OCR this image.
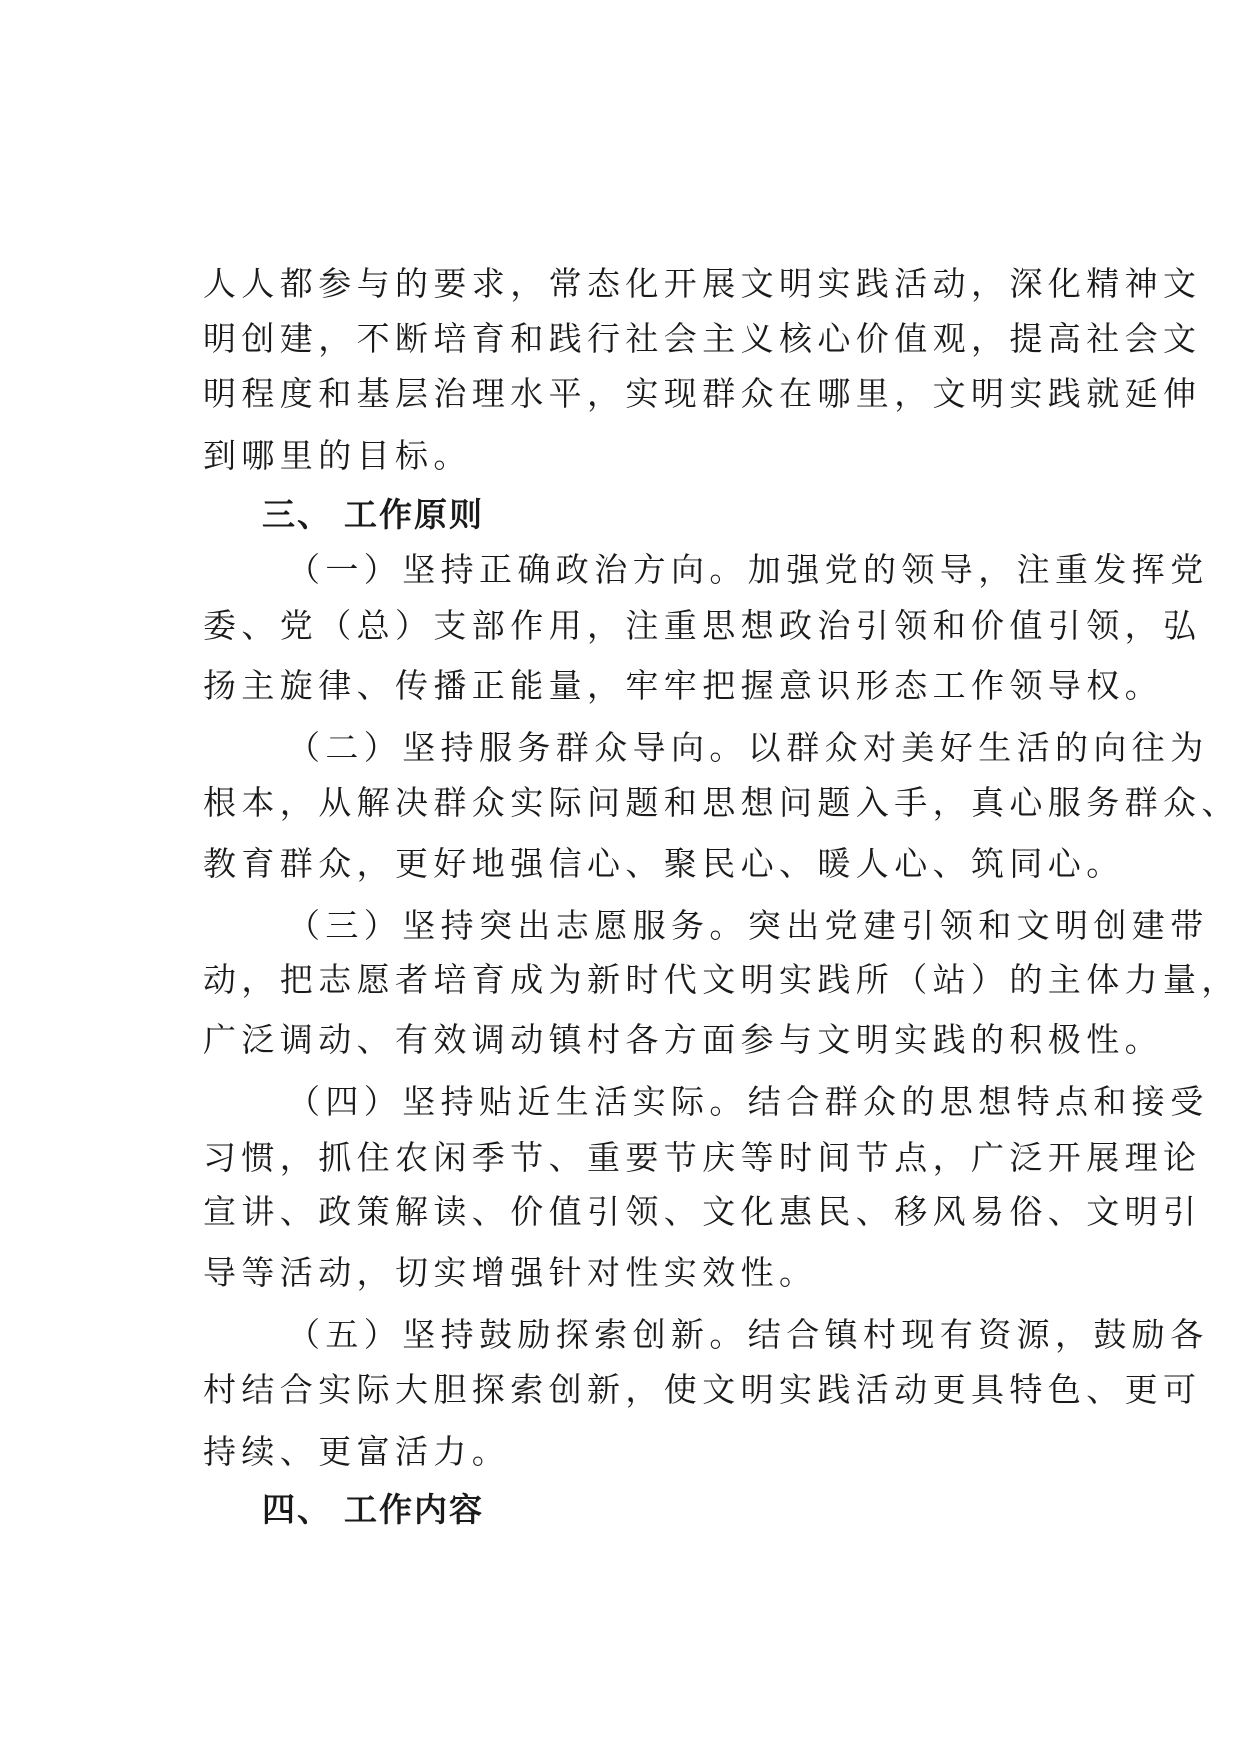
人人都参与的要求，常态化开展文明实践活动，深化精神文
明创建，不断培育和践行社会主义核心价值观，提高社会文
明程度和基层治理水平，实现群众在哪里，文明实践就延伸
到哪里的目标。
三、 工作原则
（一）坚持正确政治方向。加强党的领导，注重发挥党
委、党（总）支部作用，注重思想政治引领和价值引领，弘
扬主旋律、传播正能量，牢牢把握意识形态工作领导权。
（二）坚持服务群众导向。以群众对美好生活的向往为
根本，从解决群众实际问题和思想问题入手，真心服务群众、
教育群众，更好地强信心、聚民心、暖人心、筑同心。
（三）坚持突出志愿服务。突出党建引领和文明创建带
动，把志愿者培育成为新时代文明实践所（站）的主体力量，
广泛调动、有效调动镇村各方面参与文明实践的积极性。
（四）坚持贴近生活实际。结合群众的思想特点和接受
习惯，抓住农闲季节、重要节庆等时间节点，广泛开展理论
宣讲、政策解读、价值引领、文化惠民、移风易俗、文明引
导等活动，切实增强针对性实效性。
（五）坚持鼓励探索创新。结合镇村现有资源，鼓励各
村结合实际大胆探索创新，使文明实践活动更具特色、更可
持续、更富活力。
四、 工作内容
